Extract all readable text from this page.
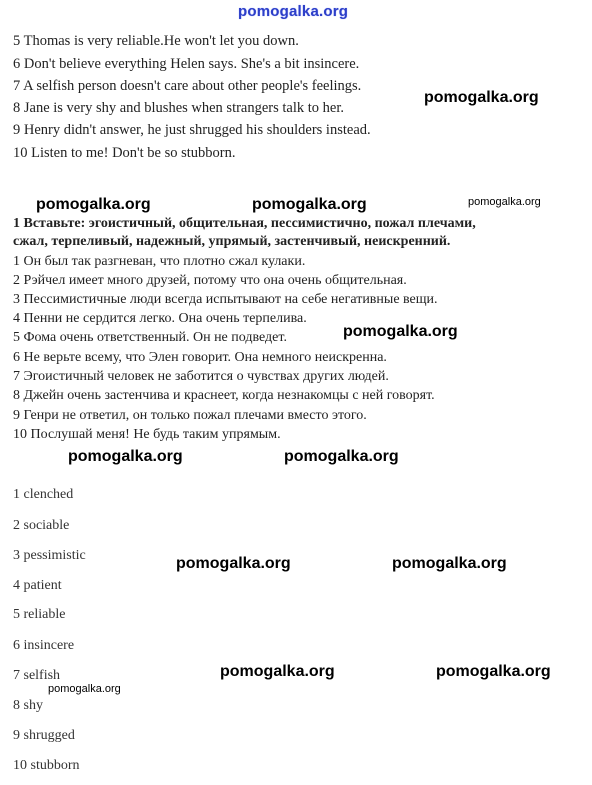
pomogalka.org
5 Thomas is very reliable.He won't let you down.
6 Don't believe everything Helen says. She's a bit insincere.
7 A selfish person doesn't care about other people's feelings.
8 Jane is very shy and blushes when strangers talk to her.
9 Henry didn't answer, he just shrugged his shoulders instead.
10 Listen to me! Don't be so stubborn.
pomogalka.org
pomogalka.org	pomogalka.org	pomogalka.org
1 Вставьте: эгоистичный, общительная, пессимистично, пожал плечами,
сжал, терпеливый, надежный, упрямый, застенчивый, неискренний.
1 Он был так разгневан, что плотно сжал кулаки.
2 Рэйчел имеет много друзей, потому что она очень общительная.
3 Пессимистичные люди всегда испытывают на себе негативные вещи.
4 Пенни не сердится легко. Она очень терпелива.
5 Фома очень ответственный. Он не подведет.
6 Не верьте всему, что Элен говорит. Она немного неискренна.
7 Эгоистичный человек не заботится о чувствах других людей.
8 Джейн очень застенчива и краснеет, когда незнакомцы с ней говорят.
9 Генри не ответил, он только пожал плечами вместо этого.
10 Послушай меня! Не будь таким упрямым.
pomogalka.org
pomogalka.org	pomogalka.org
1 clenched
2 sociable
3 pessimistic
4 patient
5 reliable
6 insincere
7 selfish
8 shy
9 shrugged
10 stubborn
pomogalka.org	pomogalka.org
pomogalka.org	pomogalka.org
pomogalka.org
